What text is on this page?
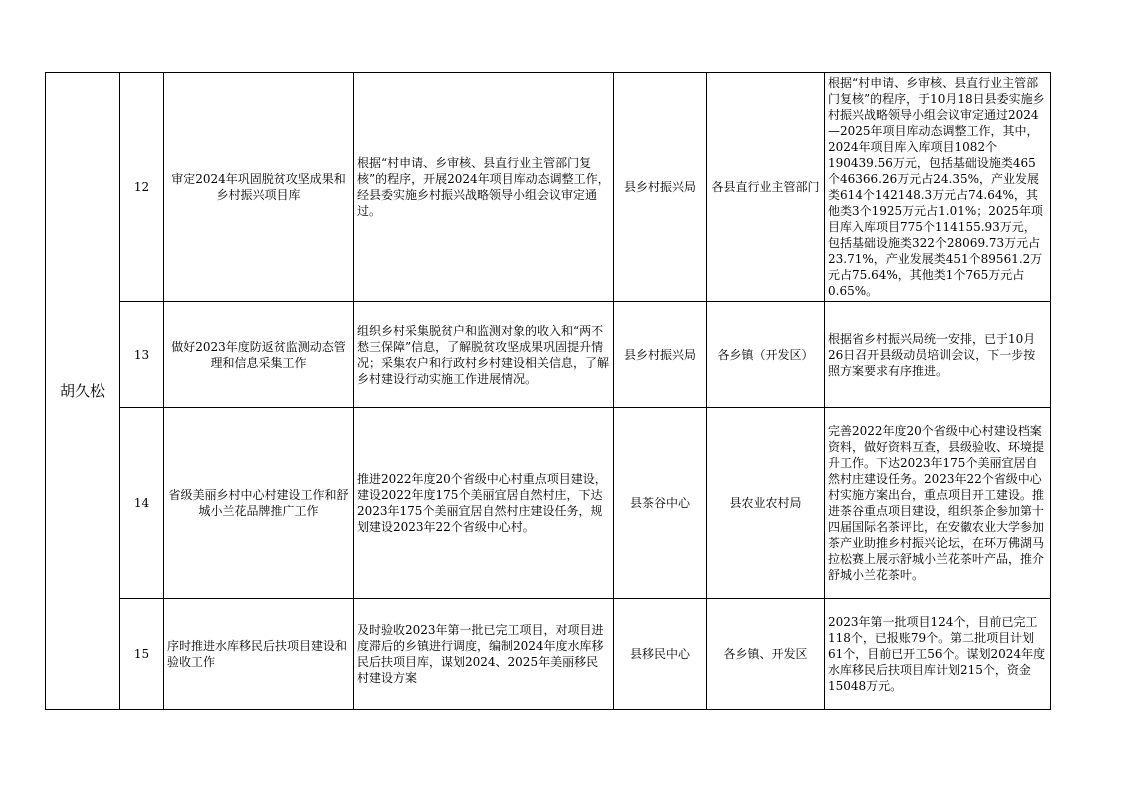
胡久松	12	审定2024年巩固脱贫攻坚成果和乡村振兴项目库	根据“村申请、乡审核、县直行业主管部门复核”的程序，开展2024年项目库动态调整工作，经县委实施乡村振兴战略领导小组会议审定通过。	县乡村振兴局	各县直行业主管部门	根据“村申请、乡审核、县直行业主管部门复核”的程序，于10月18日县委实施乡村振兴战略领导小组会议审定通过2024—2025年项目库动态调整工作，其中，2024年项目库入库项目1082个190439.56万元，包括基础设施类465个46366.26万元占24.35%，产业发展类614个142148.3万元占74.64%，其他类3个1925万元占1.01%；2025年项目库入库项目775个114155.93万元，包括基础设施类322个28069.73万元占23.71%，产业发展类451个89561.2万元占75.64%，其他类1个765万元占0.65%。
	13	做好2023年度防返贫监测动态管理和信息采集工作	组织乡村采集脱贫户和监测对象的收入和“两不愁三保障”信息，了解脱贫攻坚成果巩固提升情况；采集农户和行政村乡村建设相关信息，了解乡村建设行动实施工作进展情况。	县乡村振兴局	各乡镇（开发区）	根据省乡村振兴局统一安排，已于10月26日召开县级动员培训会议，下一步按照方案要求有序推进。
	14	省级美丽乡村中心村建设工作和舒城小兰花品牌推广工作	推进2022年度20个省级中心村重点项目建设，建设2022年度175个美丽宜居自然村庄，下达2023年175个美丽宜居自然村庄建设任务，规划建设2023年22个省级中心村。	县茶谷中心	县农业农村局	完善2022年度20个省级中心村建设档案资料，做好资料互查，县级验收、环境提升工作。下达2023年175个美丽宜居自然村庄建设任务。2023年22个省级中心村实施方案出台，重点项目开工建设。推进茶谷重点项目建设，组织茶企参加第十四届国际名茶评比，在安徽农业大学参加茶产业助推乡村振兴论坛，在环万佛湖马拉松赛上展示舒城小兰花茶叶产品，推介舒城小兰花茶叶。
	15	序时推进水库移民后扶项目建设和验收工作	及时验收2023年第一批已完工项目，对项目进度滞后的乡镇进行调度，编制2024年度水库移民后扶项目库，谋划2024、2025年美丽移民村建设方案	县移民中心	各乡镇、开发区	2023年第一批项目124个，目前已完工118个，已报账79个。第二批项目计划61个，目前已开工56个。谋划2024年度水库移民后扶项目库计划215个，资金15048万元。
